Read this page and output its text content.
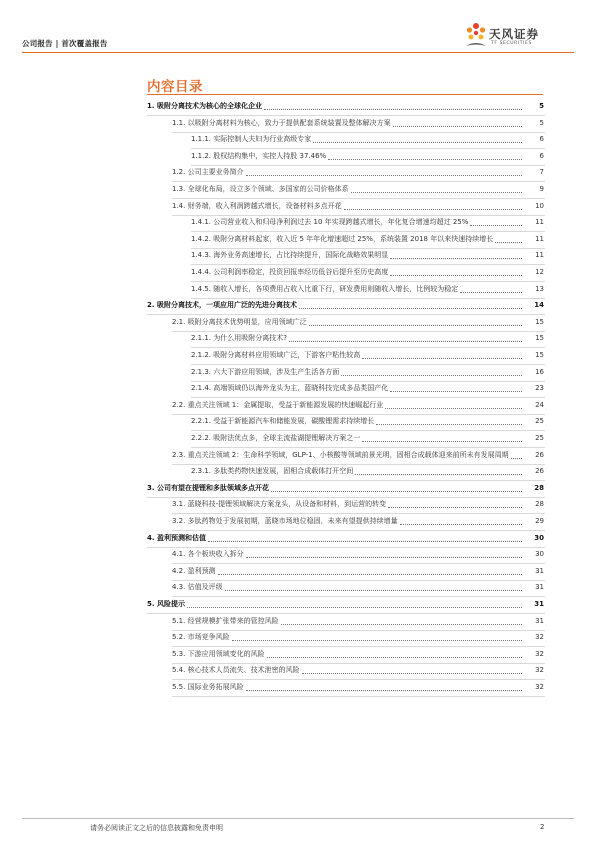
公司报告 | 首次覆盖报告
天风证券
TF SECURITIES
内容目录
1. 吸附分离技术为核心的全球化企业	5
1.1. 以吸附分离材料为核心，致力于提供配套系统装置及整体解决方案	5
1.1.1. 实际控制人夫妇为行业高级专家	6
1.1.2. 股权结构集中，实控人持股 37.46%	6
1.2. 公司主要业务简介	7
1.3. 全球化布局，设立多个领域、多国家的公司价格体系	9
1.4. 财务端，收入利润跨越式增长，设备材料多点开花	10
1.4.1. 公司营业收入和归母净利润过去 10 年实现跨越式增长，年化复合增速均超过 25%	11
1.4.2. 吸附分离材料起家，收入近 5 年年化增速超过 25%，系统装置 2018 年以来快速持续增长	11
1.4.3. 海外业务高速增长，占比持续提升，国际化战略效果明显	11
1.4.4. 公司利润率稳定，投资回报率经历低谷后提升至历史高度	12
1.4.5. 随收入增长，各项费用占收入比重下行，研发费用则随收入增长，比例较为稳定	13
2. 吸附分离技术，一项应用广泛的先进分离技术	14
2.1. 吸附分离技术优势明显，应用领域广泛	15
2.1.1. 为什么用吸附分离技术?	15
2.1.2. 吸附分离材料应用领域广泛，下游客户粘性较高	15
2.1.3. 六大下游应用领域，涉及生产生活各方面	16
2.1.4. 高端领域仍以海外龙头为主，蓝晓科技完成多品类国产化	23
2.2. 重点关注领域 1：金属提取，受益于新能源发展的快速崛起行业	24
2.2.1. 受益于新能源汽车和储能发展，碳酸锂需求持续增长	25
2.2.2. 吸附法优点多，全球主流盐湖提锂解决方案之一	25
2.3. 重点关注领域 2：生命科学领域，GLP-1、小核酸等领域前景光明，固相合成载体迎来前所未有发展周期	26
2.3.1. 多肽类药物快速发展，固相合成载体打开空间	26
3. 公司有望在提锂和多肽领域多点开花	28
3.1. 蓝晓科技-提锂领域解决方案龙头，从设备和材料，到运营的转变	28
3.2. 多肽药物处于发展初期，蓝晓市场地位稳固，未来有望提供持续增量	29
4. 盈利预测和估值	30
4.1. 各个板块收入拆分	30
4.2. 盈利预测	31
4.3. 估值及评级	31
5. 风险提示	31
5.1. 经营规模扩张带来的管控风险	31
5.2. 市场竞争风险	32
5.3. 下游应用领域变化的风险	32
5.4. 核心技术人员流失、技术泄密的风险	32
5.5. 国际业务拓展风险	32
请务必阅读正文之后的信息披露和免责申明	2
